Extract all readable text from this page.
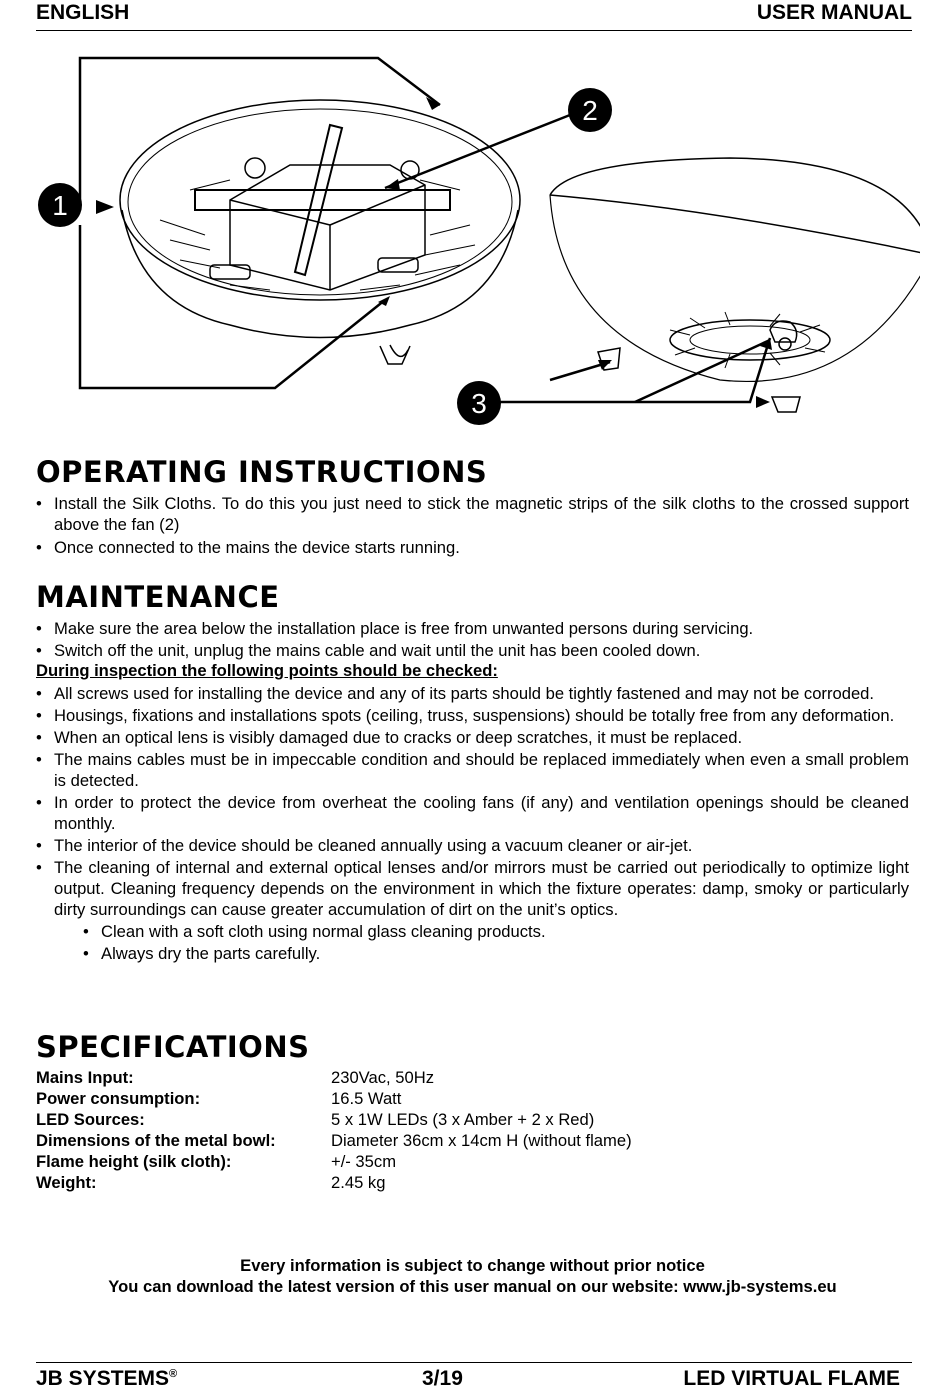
ENGLISH	USER MANUAL
1
2
3
OPERATING INSTRUCTIONS
• Install the Silk Cloths. To do this you just need to stick the magnetic strips of the silk cloths to the crossed support above the fan (2)
• Once connected to the mains the device starts running.
MAINTENANCE
• Make sure the area below the installation place is free from unwanted persons during servicing.
• Switch off the unit, unplug the mains cable and wait until the unit has been cooled down.
During inspection the following points should be checked:
• All screws used for installing the device and any of its parts should be tightly fastened and may not be corroded.
• Housings, fixations and installations spots (ceiling, truss, suspensions) should be totally free from any deformation.
• When an optical lens is visibly damaged due to cracks or deep scratches, it must be replaced.
• The mains cables must be in impeccable condition and should be replaced immediately when even a small problem is detected.
• In order to protect the device from overheat the cooling fans (if any) and ventilation openings should be cleaned monthly.
• The interior of the device should be cleaned annually using a vacuum cleaner or air-jet.
• The cleaning of internal and external optical lenses and/or mirrors must be carried out periodically to optimize light output. Cleaning frequency depends on the environment in which the fixture operates: damp, smoky or particularly dirty surroundings can cause greater accumulation of dirt on the unit’s optics.
• Clean with a soft cloth using normal glass cleaning products.
• Always dry the parts carefully.
SPECIFICATIONS
Mains Input:	230Vac, 50Hz
Power consumption:	16.5 Watt
LED Sources:	5 x 1W LEDs (3 x Amber + 2 x Red)
Dimensions of the metal bowl:	Diameter 36cm x 14cm H (without flame)
Flame height (silk cloth):	+/- 35cm
Weight:	2.45 kg
Every information is subject to change without prior notice
You can download the latest version of this user manual on our website: www.jb-systems.eu
JB SYSTEMS®	3/19	LED VIRTUAL FLAME
